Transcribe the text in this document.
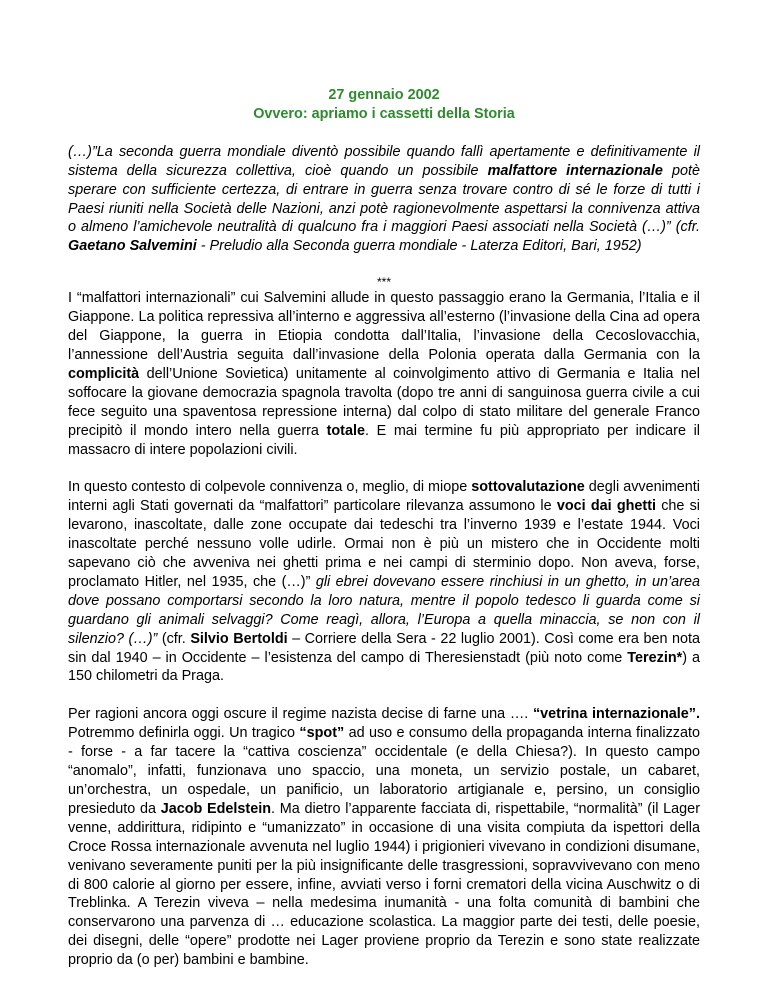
27 gennaio 2002
Ovvero: apriamo i cassetti della Storia
(…)”La seconda guerra mondiale diventò possibile quando fallì apertamente e definitivamente il sistema della sicurezza collettiva, cioè quando un possibile malfattore internazionale potè sperare con sufficiente certezza, di entrare in guerra senza trovare contro di sé le forze di tutti i Paesi riuniti nella Società delle Nazioni, anzi potè ragionevolmente aspettarsi la connivenza attiva o almeno l’amichevole neutralità di qualcuno fra i maggiori Paesi associati nella Società (…)” (cfr. Gaetano Salvemini - Preludio alla Seconda guerra mondiale - Laterza Editori, Bari, 1952)
***

I “malfattori internazionali” cui Salvemini allude in questo passaggio erano la Germania, l’Italia e il Giappone. La politica repressiva all’interno e aggressiva all’esterno (l’invasione della Cina ad opera del Giappone, la guerra in Etiopia condotta dall’Italia, l’invasione della Cecoslovacchia, l’annessione dell’Austria seguita dall’invasione della Polonia operata dalla Germania con la complicità dell’Unione Sovietica) unitamente al coinvolgimento attivo di Germania e Italia nel soffocare la giovane democrazia spagnola travolta (dopo tre anni di sanguinosa guerra civile a cui fece seguito una spaventosa repressione interna) dal colpo di stato militare del generale Franco precipitò il mondo intero nella guerra totale. E mai termine fu più appropriato per indicare il massacro di intere popolazioni civili.

In questo contesto di colpevole connivenza o, meglio, di miope sottovalutazione degli avvenimenti interni agli Stati governati da “malfattori” particolare rilevanza assumono le voci dai ghetti che si levarono, inascoltate, dalle zone occupate dai tedeschi tra l’inverno 1939 e l’estate 1944. Voci inascoltate perché nessuno volle udirle. Ormai non è più un mistero che in Occidente molti sapevano ciò che avveniva nei ghetti prima e nei campi di sterminio dopo. Non aveva, forse, proclamato Hitler, nel 1935, che (…)” gli ebrei dovevano essere rinchiusi in un ghetto, in un’area dove possano comportarsi secondo la loro natura, mentre il popolo tedesco li guarda come si guardano gli animali selvaggi? Come reagì, allora, l’Europa a quella minaccia, se non con il silenzio? (…)” (cfr. Silvio Bertoldi – Corriere della Sera - 22 luglio 2001). Così come era ben nota sin dal 1940 – in Occidente – l’esistenza del campo di Theresienstadt (più noto come Terezin*) a 150 chilometri da Praga.

Per ragioni ancora oggi oscure il regime nazista decise di farne una …. “vetrina internazionale”. Potremmo definirla oggi. Un tragico “spot” ad uso e consumo della propaganda interna finalizzato - forse - a far tacere la “cattiva coscienza” occidentale (e della Chiesa?). In questo campo “anomalo”, infatti, funzionava uno spaccio, una moneta, un servizio postale, un cabaret, un’orchestra, un ospedale, un panificio, un laboratorio artigianale e, persino, un consiglio presieduto da Jacob Edelstein. Ma dietro l’apparente facciata di, rispettabile, “normalità” (il Lager venne, addirittura, ridipinto e “umanizzato” in occasione di una visita compiuta da ispettori della Croce Rossa internazionale avvenuta nel luglio 1944) i prigionieri vivevano in condizioni disumane, venivano severamente puniti per la più insignificante delle trasgressioni, sopravvivevano con meno di 800 calorie al giorno per essere, infine, avviati verso i forni crematori della vicina Auschwitz o di Treblinka. A Terezin viveva – nella medesima inumanità - una folta comunità di bambini che conservarono una parvenza di … educazione scolastica. La maggior parte dei testi, delle poesie, dei disegni, delle “opere” prodotte nei Lager proviene proprio da Terezin e sono state realizzate proprio da (o per) bambini e bambine.
